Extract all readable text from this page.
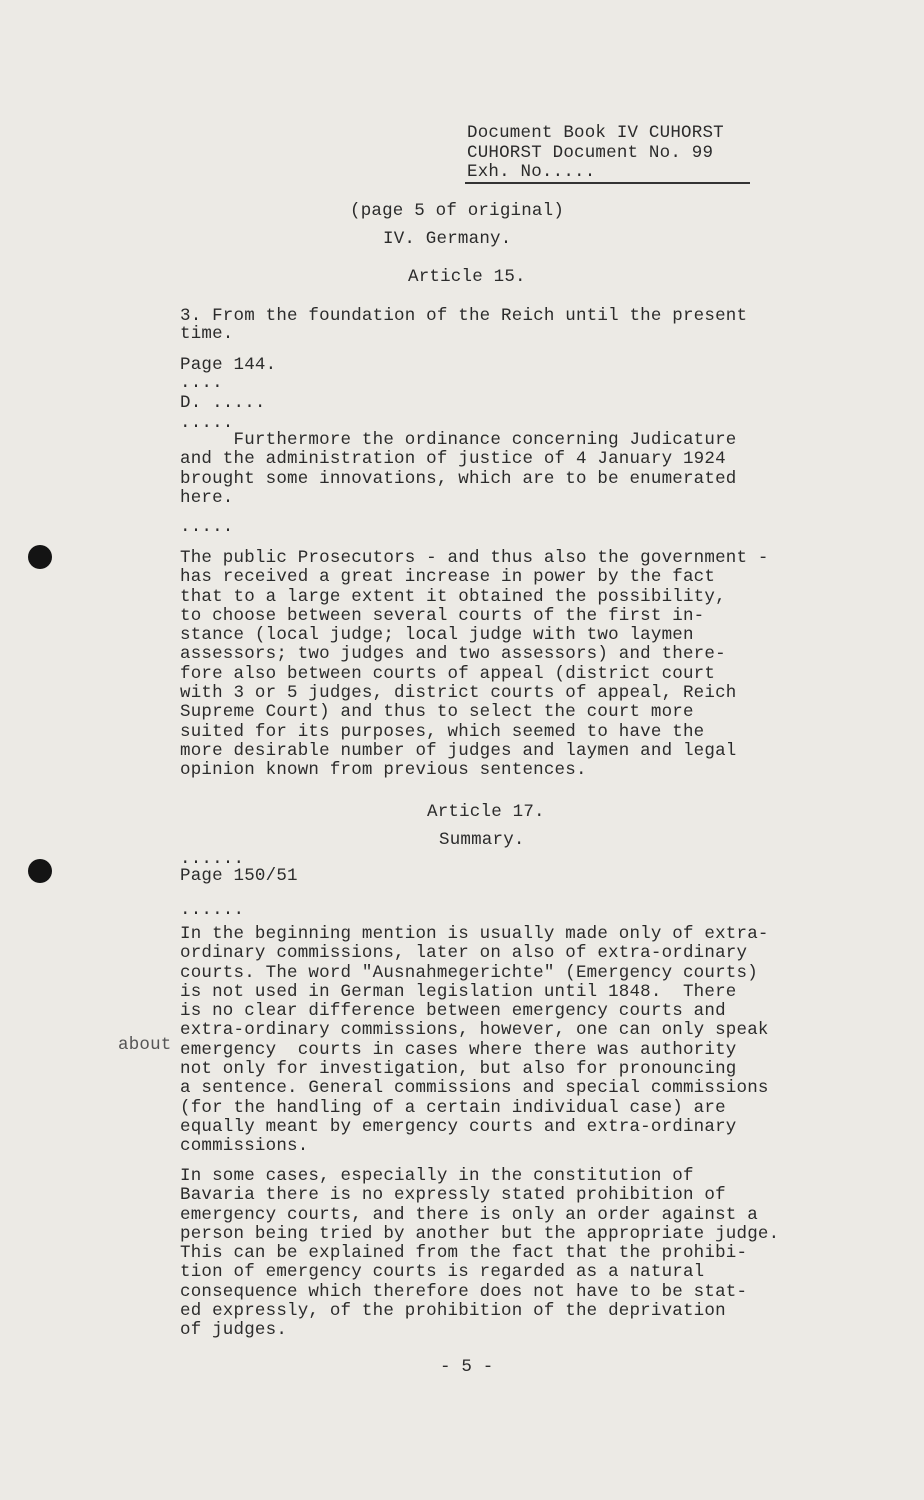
Document Book IV CUHORST
CUHORST Document No. 99
Exh. No.....
(page 5 of original)
IV. Germany.
Article 15.
3. From the foundation of the Reich until the present
time.
Page 144.
....
D. .....
.....
Furthermore the ordinance concerning Judicature
and the administration of justice of 4 January 1924
brought some innovations, which are to be enumerated
here.
.....
The public Prosecutors - and thus also the government -
has received a great increase in power by the fact
that to a large extent it obtained the possibility,
to choose between several courts of the first in-
stance (local judge; local judge with two laymen
assessors; two judges and two assessors) and there-
fore also between courts of appeal (district court
with 3 or 5 judges, district courts of appeal, Reich
Supreme Court) and thus to select the court more
suited for its purposes, which seemed to have the
more desirable number of judges and laymen and legal
opinion known from previous sentences.
Article 17.
Summary.
......
Page 150/51
......
about
In the beginning mention is usually made only of extra-
ordinary commissions, later on also of extra-ordinary
courts. The word "Ausnahmegerichte" (Emergency courts)
is not used in German legislation until 1848.  There
is no clear difference between emergency courts and
extra-ordinary commissions, however, one can only speak
emergency  courts in cases where there was authority
not only for investigation, but also for pronouncing
a sentence. General commissions and special commissions
(for the handling of a certain individual case) are
equally meant by emergency courts and extra-ordinary
commissions.
In some cases, especially in the constitution of
Bavaria there is no expressly stated prohibition of
emergency courts, and there is only an order against a
person being tried by another but the appropriate judge.
This can be explained from the fact that the prohibi-
tion of emergency courts is regarded as a natural
consequence which therefore does not have to be stat-
ed expressly, of the prohibition of the deprivation
of judges.
- 5 -
